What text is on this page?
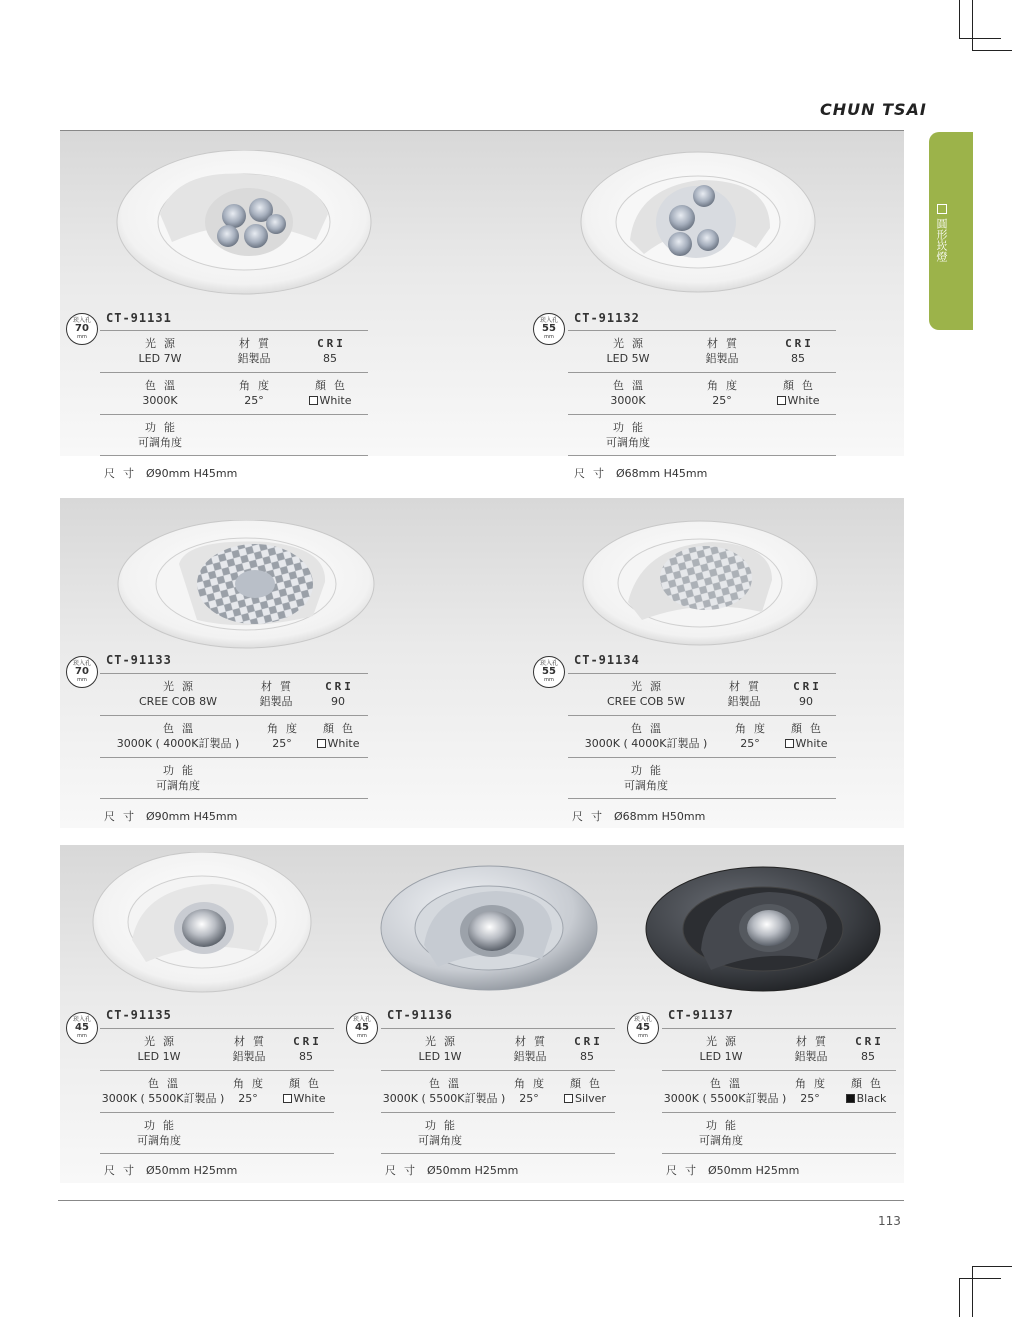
CHUN TSAI
圓形崁燈
崁入孔
70
mm
CT-91131
光源
LED 7W
材質
鋁製品
CRI
85
色溫
3000K
角度
25°
顏色
White
功能
可調角度
尺寸 Ø90mm H45mm
崁入孔
55
mm
CT-91132
光源
LED 5W
材質
鋁製品
CRI
85
色溫
3000K
角度
25°
顏色
White
功能
可調角度
尺寸 Ø68mm H45mm
崁入孔
70
mm
CT-91133
光源
CREE COB 8W
材質
鋁製品
CRI
90
色溫
3000K ( 4000K訂製品 )
角度
25°
顏色
White
功能
可調角度
尺寸 Ø90mm H45mm
崁入孔
55
mm
CT-91134
光源
CREE COB 5W
材質
鋁製品
CRI
90
色溫
3000K ( 4000K訂製品 )
角度
25°
顏色
White
功能
可調角度
尺寸 Ø68mm H50mm
崁入孔
45
mm
CT-91135
光源
LED 1W
材質
鋁製品
CRI
85
色溫
3000K ( 5500K訂製品 )
角度
25°
顏色
White
功能
可調角度
尺寸 Ø50mm H25mm
崁入孔
45
mm
CT-91136
光源
LED 1W
材質
鋁製品
CRI
85
色溫
3000K ( 5500K訂製品 )
角度
25°
顏色
Silver
功能
可調角度
尺寸 Ø50mm H25mm
崁入孔
45
mm
CT-91137
光源
LED 1W
材質
鋁製品
CRI
85
色溫
3000K ( 5500K訂製品 )
角度
25°
顏色
Black
功能
可調角度
尺寸 Ø50mm H25mm
113
